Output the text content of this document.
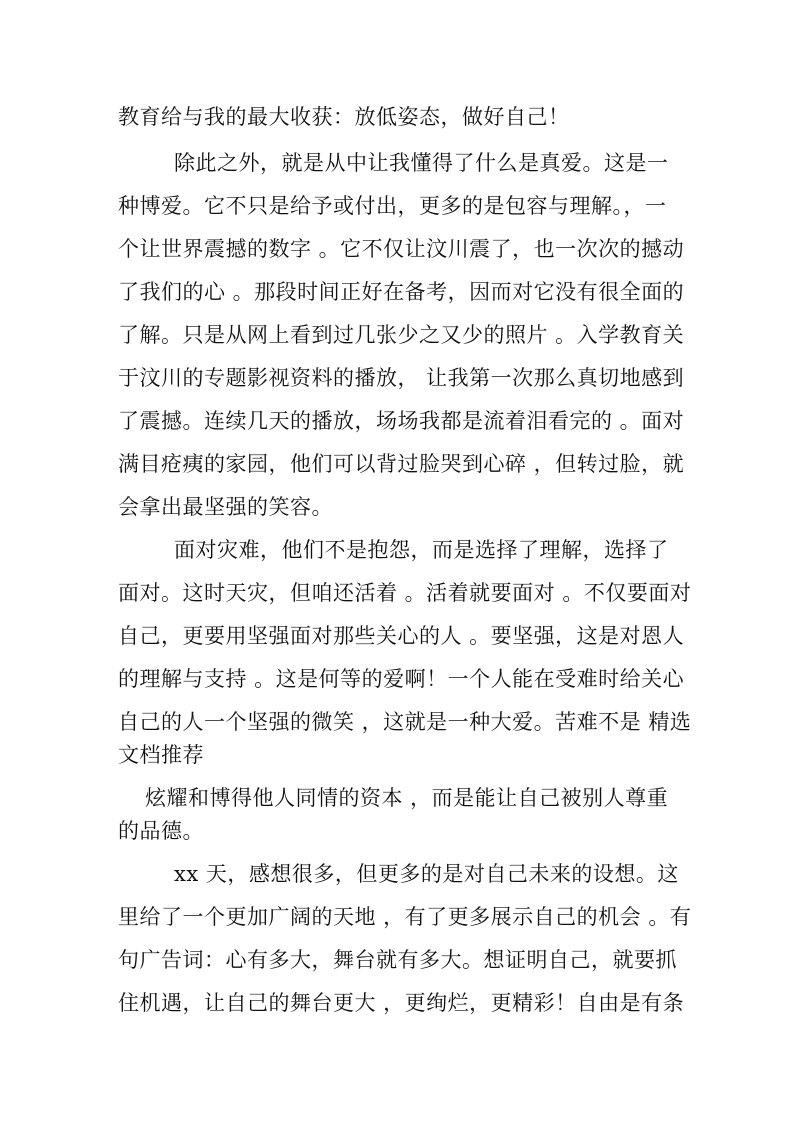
教育给与我的最大收获：放低姿态，做好自己！
除此之外，就是从中让我懂得了什么是真爱。这是一
种博爱。它不只是给予或付出，更多的是包容与理解。，一
个让世界震撼的数字 。它不仅让汶川震了，也一次次的撼动
了我们的心 。那段时间正好在备考，因而对它没有很全面的
了解。只是从网上看到过几张少之又少的照片 。入学教育关
于汶川的专题影视资料的播放， 让我第一次那么真切地感到
了震撼。连续几天的播放，场场我都是流着泪看完的 。面对
满目疮痍的家园，他们可以背过脸哭到心碎 ，但转过脸，就
会拿出最坚强的笑容。
面对灾难，他们不是抱怨，而是选择了理解，选择了
面对。这时天灾，但咱还活着 。活着就要面对 。不仅要面对
自己，更要用坚强面对那些关心的人 。要坚强，这是对恩人
的理解与支持 。这是何等的爱啊！一个人能在受难时给关心
自己的人一个坚强的微笑 ，这就是一种大爱。苦难不是 精选
文档推荐
炫耀和博得他人同情的资本 ，而是能让自己被别人尊重
的品德。
xx 天，感想很多，但更多的是对自己未来的设想。这
里给了一个更加广阔的天地 ，有了更多展示自己的机会 。有
句广告词：心有多大，舞台就有多大。想证明自己，就要抓
住机遇，让自己的舞台更大 ，更绚烂，更精彩！自由是有条
